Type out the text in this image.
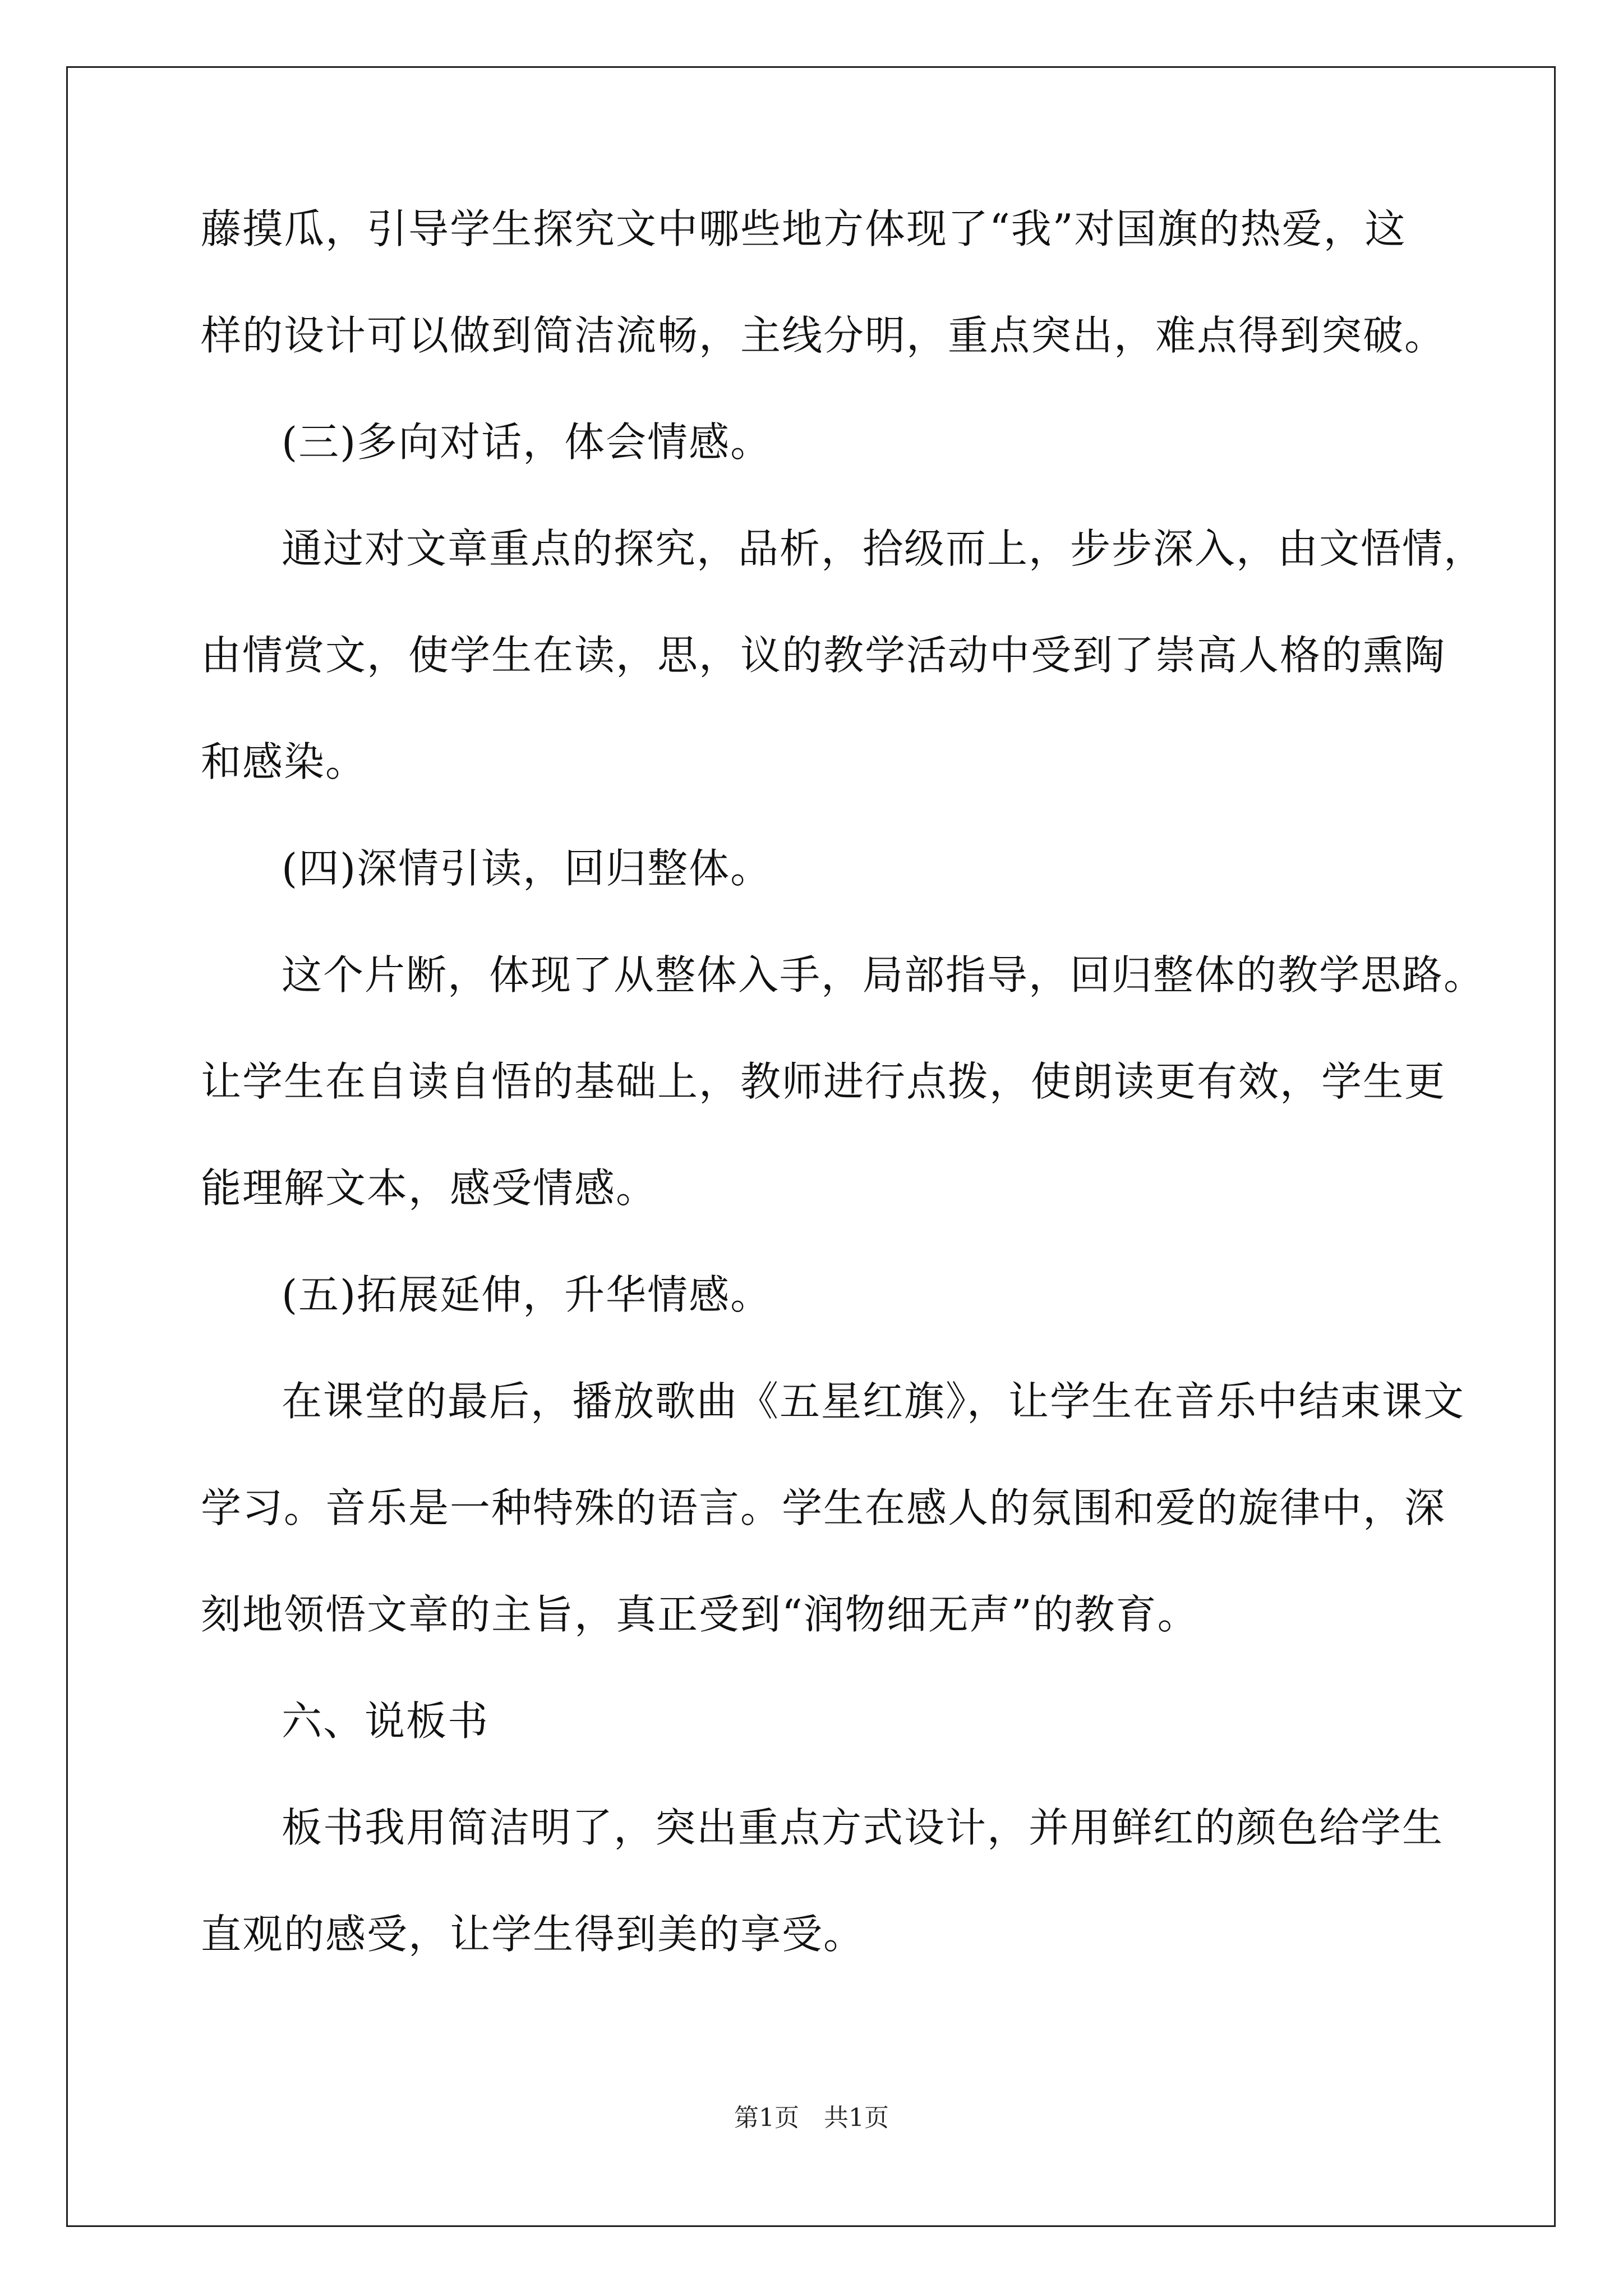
藤摸瓜，引导学生探究文中哪些地方体现了“我”对国旗的热爱，这
样的设计可以做到简洁流畅，主线分明，重点突出，难点得到突破。
(三)多向对话，体会情感。
通过对文章重点的探究，品析，拾级而上，步步深入，由文悟情，
由情赏文，使学生在读，思，议的教学活动中受到了崇高人格的熏陶
和感染。
(四)深情引读，回归整体。
这个片断，体现了从整体入手，局部指导，回归整体的教学思路。
让学生在自读自悟的基础上，教师进行点拨，使朗读更有效，学生更
能理解文本，感受情感。
(五)拓展延伸，升华情感。
在课堂的最后，播放歌曲《五星红旗》，让学生在音乐中结束课文
学习。音乐是一种特殊的语言。学生在感人的氛围和爱的旋律中，深
刻地领悟文章的主旨，真正受到“润物细无声”的教育。
六、说板书
板书我用简洁明了，突出重点方式设计，并用鲜红的颜色给学生
直观的感受，让学生得到美的享受。
第1页　共1页
